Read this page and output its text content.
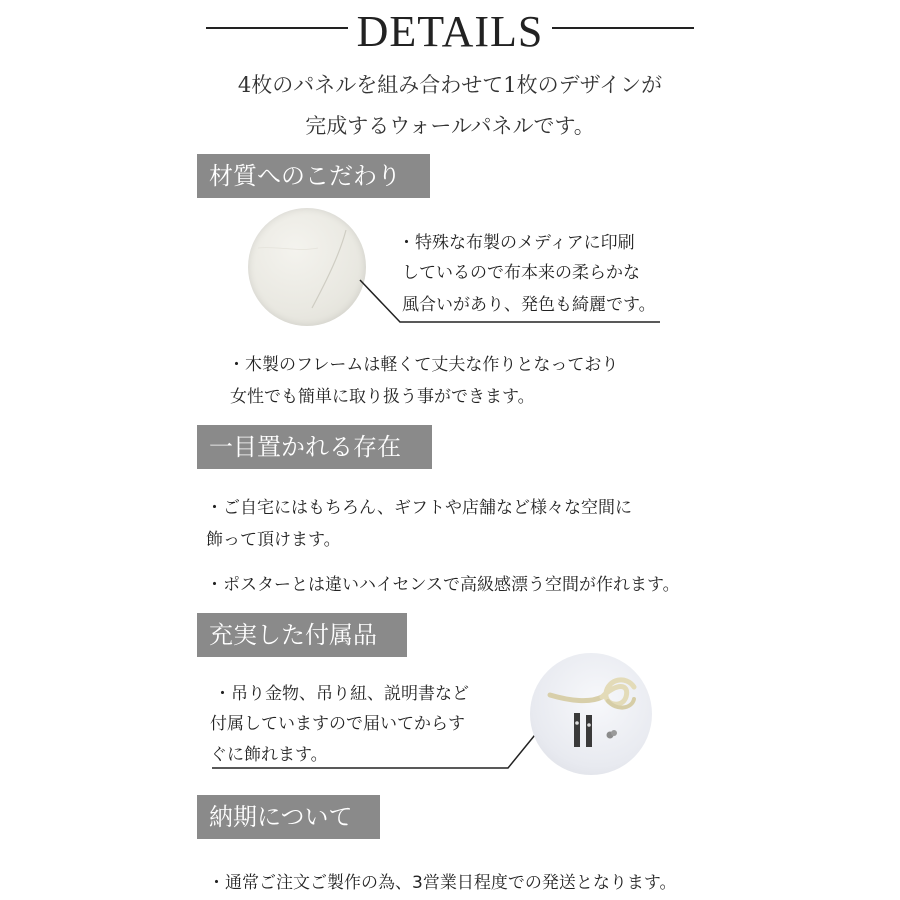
DETAILS
4枚のパネルを組み合わせて1枚のデザインが
完成するウォールパネルです。
材質へのこだわり
・特殊な布製のメディアに印刷
しているので布本来の柔らかな
風合いがあり、発色も綺麗です。
・木製のフレームは軽くて丈夫な作りとなっており
女性でも簡単に取り扱う事ができます。
一目置かれる存在
・ご自宅にはもちろん、ギフトや店舗など様々な空間に
飾って頂けます。
・ポスターとは違いハイセンスで高級感漂う空間が作れます。
充実した付属品
・吊り金物、吊り紐、説明書など
付属していますので届いてからす
ぐに飾れます。
納期について
・通常ご注文ご製作の為、3営業日程度での発送となります。
